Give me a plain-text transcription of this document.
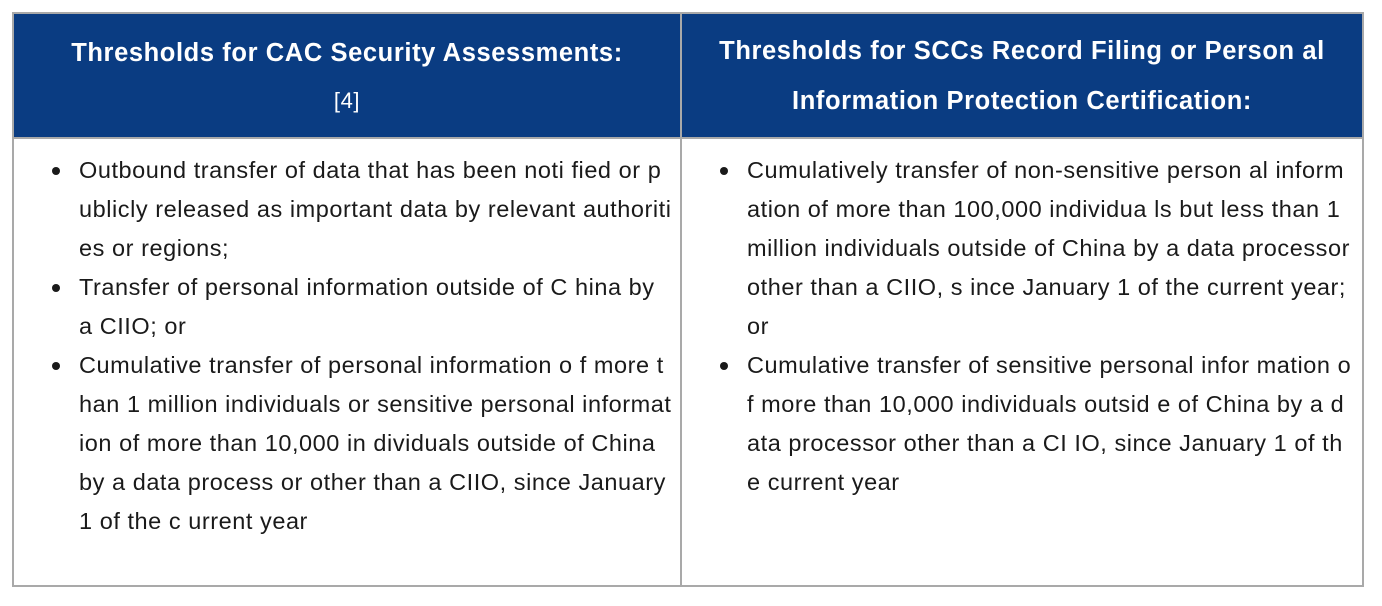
Thresholds for CAC Security Assessments:
[4]
Thresholds for SCCs Record Filing or Person al Information Protection Certification:
Outbound transfer of data that has been noti fied or publicly released as important data by relevant authorities or regions;
Transfer of personal information outside of C hina by a CIIO; or
Cumulative transfer of personal information o f more than 1 million individuals or sensitive personal information of more than 10,000 in dividuals outside of China by a data process or other than a CIIO, since January 1 of the c urrent year
Cumulatively transfer of non-sensitive person al information of more than 100,000 individua ls but less than 1 million individuals outside of China by a data processor other than a CIIO, s ince January 1 of the current year; or
Cumulative transfer of sensitive personal infor mation of more than 10,000 individuals outsid e of China by a data processor other than a CI IO, since January 1 of the current year
